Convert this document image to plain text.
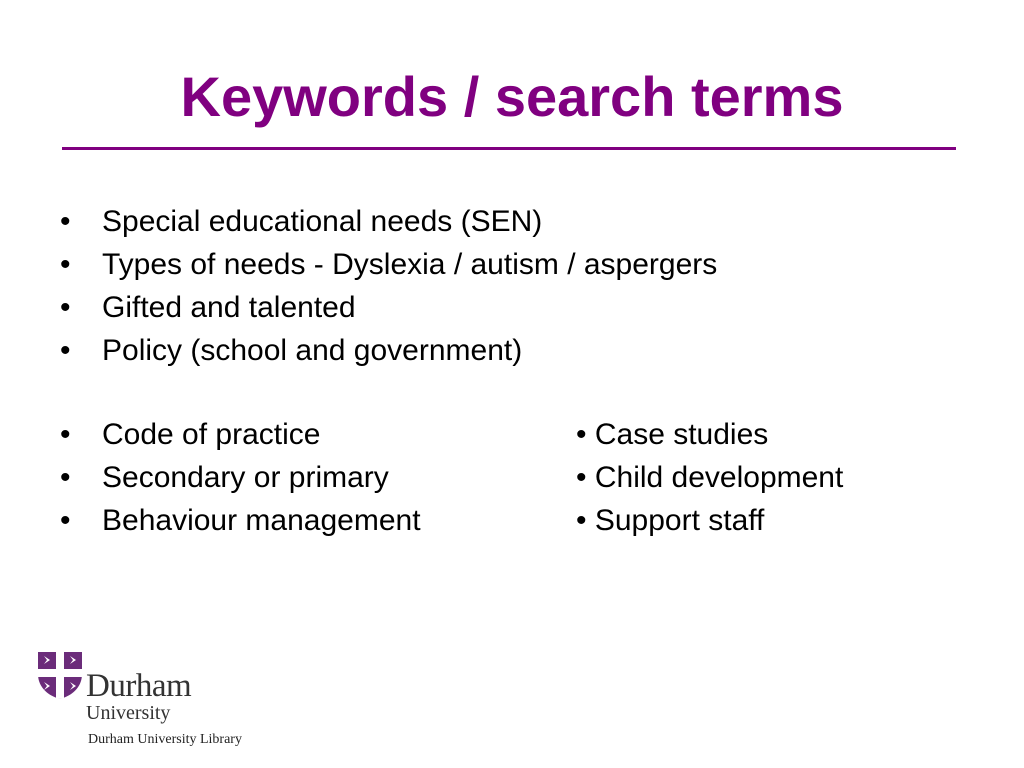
Keywords / search terms
•	Special educational needs (SEN)
•	Types of needs - Dyslexia / autism / aspergers
•	Gifted and talented
•	Policy (school and government)
•	Code of practice
•	Secondary or primary
•	Behaviour management
• Case studies
• Child development
• Support staff
Durham
University
Durham University Library
